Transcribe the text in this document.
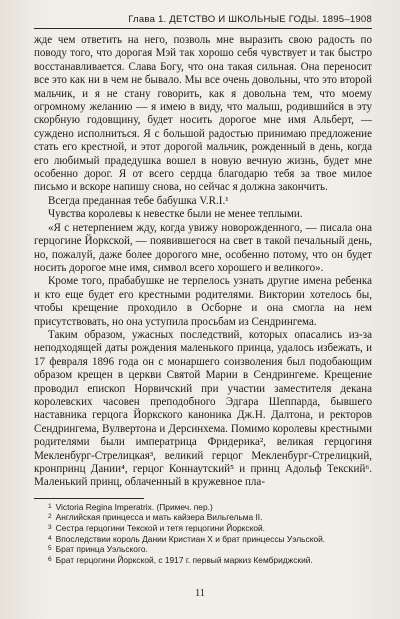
Глава 1. ДЕТСТВО И ШКОЛЬНЫЕ ГОДЫ. 1895–1908

жде чем ответить на него, позволь мне выразить свою радость по поводу того, что дорогая Мэй так хорошо себя чувствует и так быстро восстанавливается. Слава Богу, что она такая сильная. Она переносит все это как ни в чем не бывало. Мы все очень довольны, что это второй мальчик, и я не стану говорить, как я довольна тем, что моему огромному желанию — я имею в виду, что малыш, родившийся в эту скорбную годовщину, будет носить дорогое мне имя Альберт, — суждено исполниться. Я с большой радостью принимаю предложение стать его крестной, и этот дорогой мальчик, рожденный в день, когда его любимый прадедушка вошел в новую вечную жизнь, будет мне особенно дорог. Я от всего сердца благодарю тебя за твое милое письмо и вскоре напишу снова, но сейчас я должна закончить.

Всегда преданная тебе бабушка V.R.I.¹

Чувства королевы к невестке были не менее теплыми.

«Я с нетерпением жду, когда увижу новорожденного, — писала она герцогине Йоркской, — появившегося на свет в такой печальный день, но, пожалуй, даже более дорогого мне, особенно потому, что он будет носить дорогое мне имя, символ всего хорошего и великого».

Кроме того, прабабушке не терпелось узнать другие имена ребенка и кто еще будет его крестными родителями. Виктории хотелось бы, чтобы крещение проходило в Осборне и она смогла на нем присутствовать, но она уступила просьбам из Сендрингема.

Таким образом, ужасных последствий, которых опасались из-за неподходящей даты рождения маленького принца, удалось избежать, и 17 февраля 1896 года он с монаршего соизволения был подобающим образом крещен в церкви Святой Марии в Сендрингеме. Крещение проводил епископ Норвичский при участии заместителя декана королевских часовен преподобного Эдгара Шеппарда, бывшего наставника герцога Йоркского каноника Дж.Н. Далтона, и ректоров Сендрингема, Вулвертона и Дерсинхема. Помимо королевы крестными родителями были императрица Фридерика², великая герцогиня Мекленбург-Стрелицкая³, великий герцог Мекленбург-Стрелицкий, кронпринц Дании⁴, герцог Коннаутский⁵ и принц Адольф Текский⁶. Маленький принц, облаченный в кружевное пла-

1 Victoria Regina Imperatrix. (Примеч. пер.)
2 Английская принцесса и мать кайзера Вильгельма II.
3 Сестра герцогини Текской и тетя герцогини Йоркской.
4 Впоследствии король Дании Кристиан X и брат принцессы Уэльской.
5 Брат принца Уэльского.
6 Брат герцогини Йоркской, с 1917 г. первый маркиз Кембриджский.
11
